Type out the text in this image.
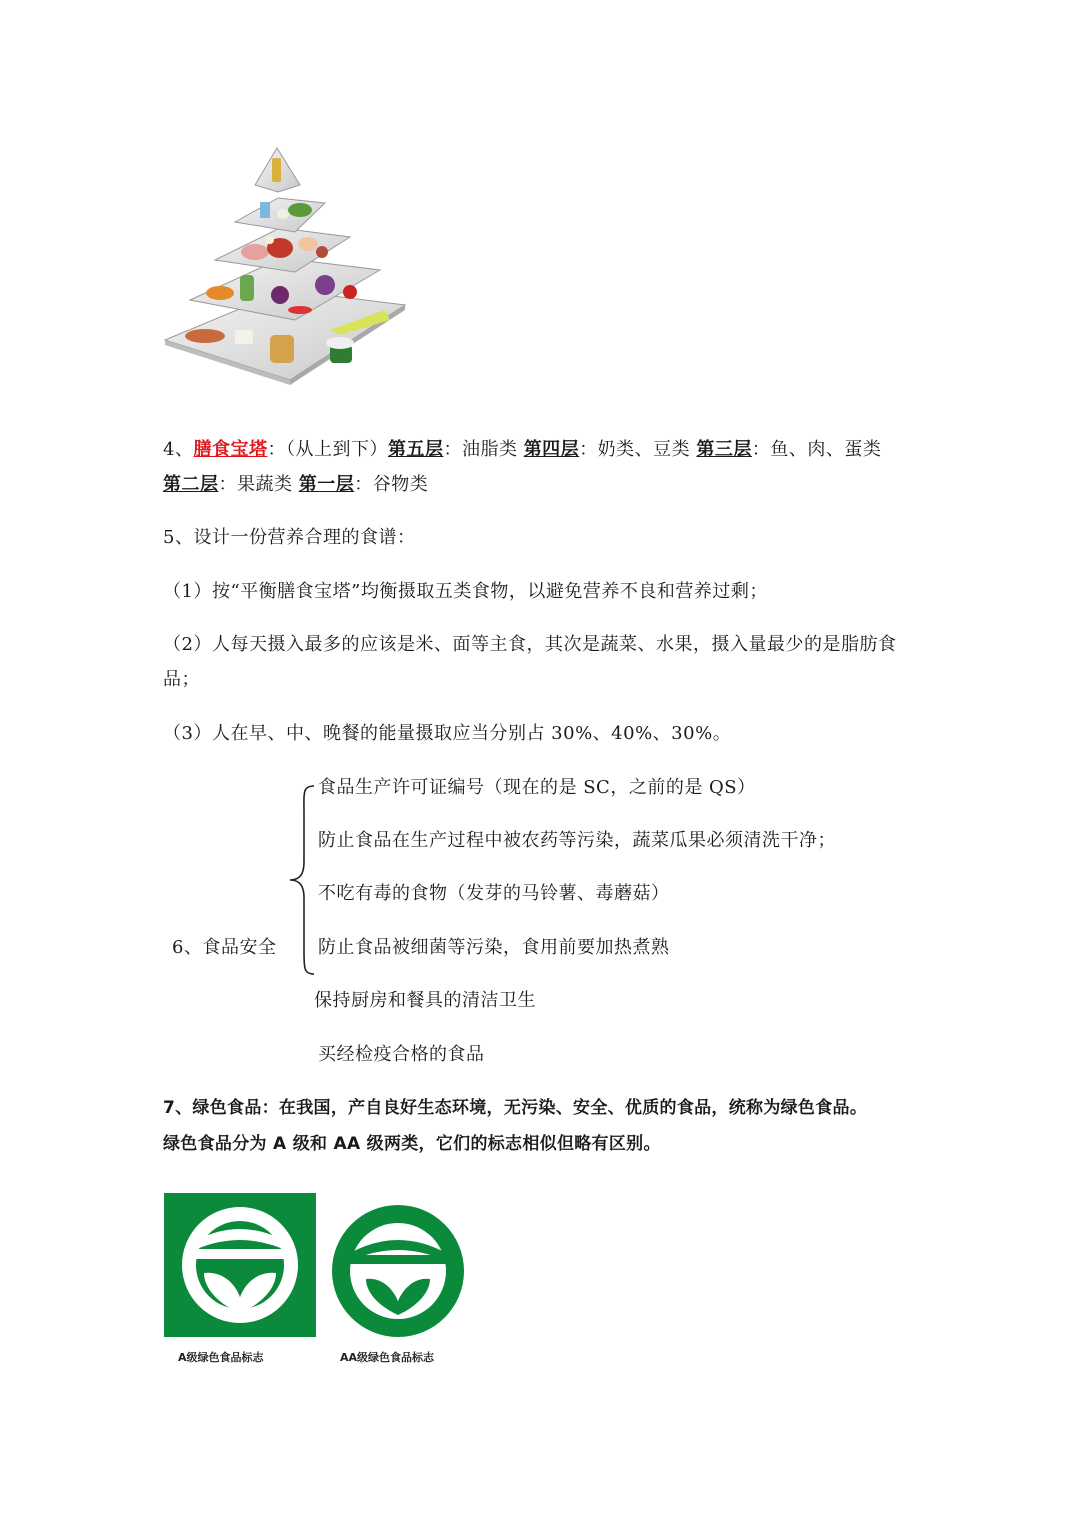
4、膳食宝塔：（从上到下）第五层：油脂类 第四层：奶类、豆类 第三层：鱼、肉、蛋类
第二层：果蔬类 第一层：谷物类
5、设计一份营养合理的食谱：
（1）按“平衡膳食宝塔”均衡摄取五类食物，以避免营养不良和营养过剩；
（2）人每天摄入最多的应该是米、面等主食，其次是蔬菜、水果，摄入量最少的是脂肪食
品；
（3）人在早、中、晚餐的能量摄取应当分别占 30%、40%、30%。
6、食品安全
食品生产许可证编号（现在的是 SC，之前的是 QS）
防止食品在生产过程中被农药等污染，蔬菜瓜果必须清洗干净；
不吃有毒的食物（发芽的马铃薯、毒蘑菇）
防止食品被细菌等污染，食用前要加热煮熟
保持厨房和餐具的清洁卫生
买经检疫合格的食品
7、绿色食品：在我国，产自良好生态环境，无污染、安全、优质的食品，统称为绿色食品。
绿色食品分为 A 级和 AA 级两类，它们的标志相似但略有区别。
A级绿色食品标志	AA级绿色食品标志
